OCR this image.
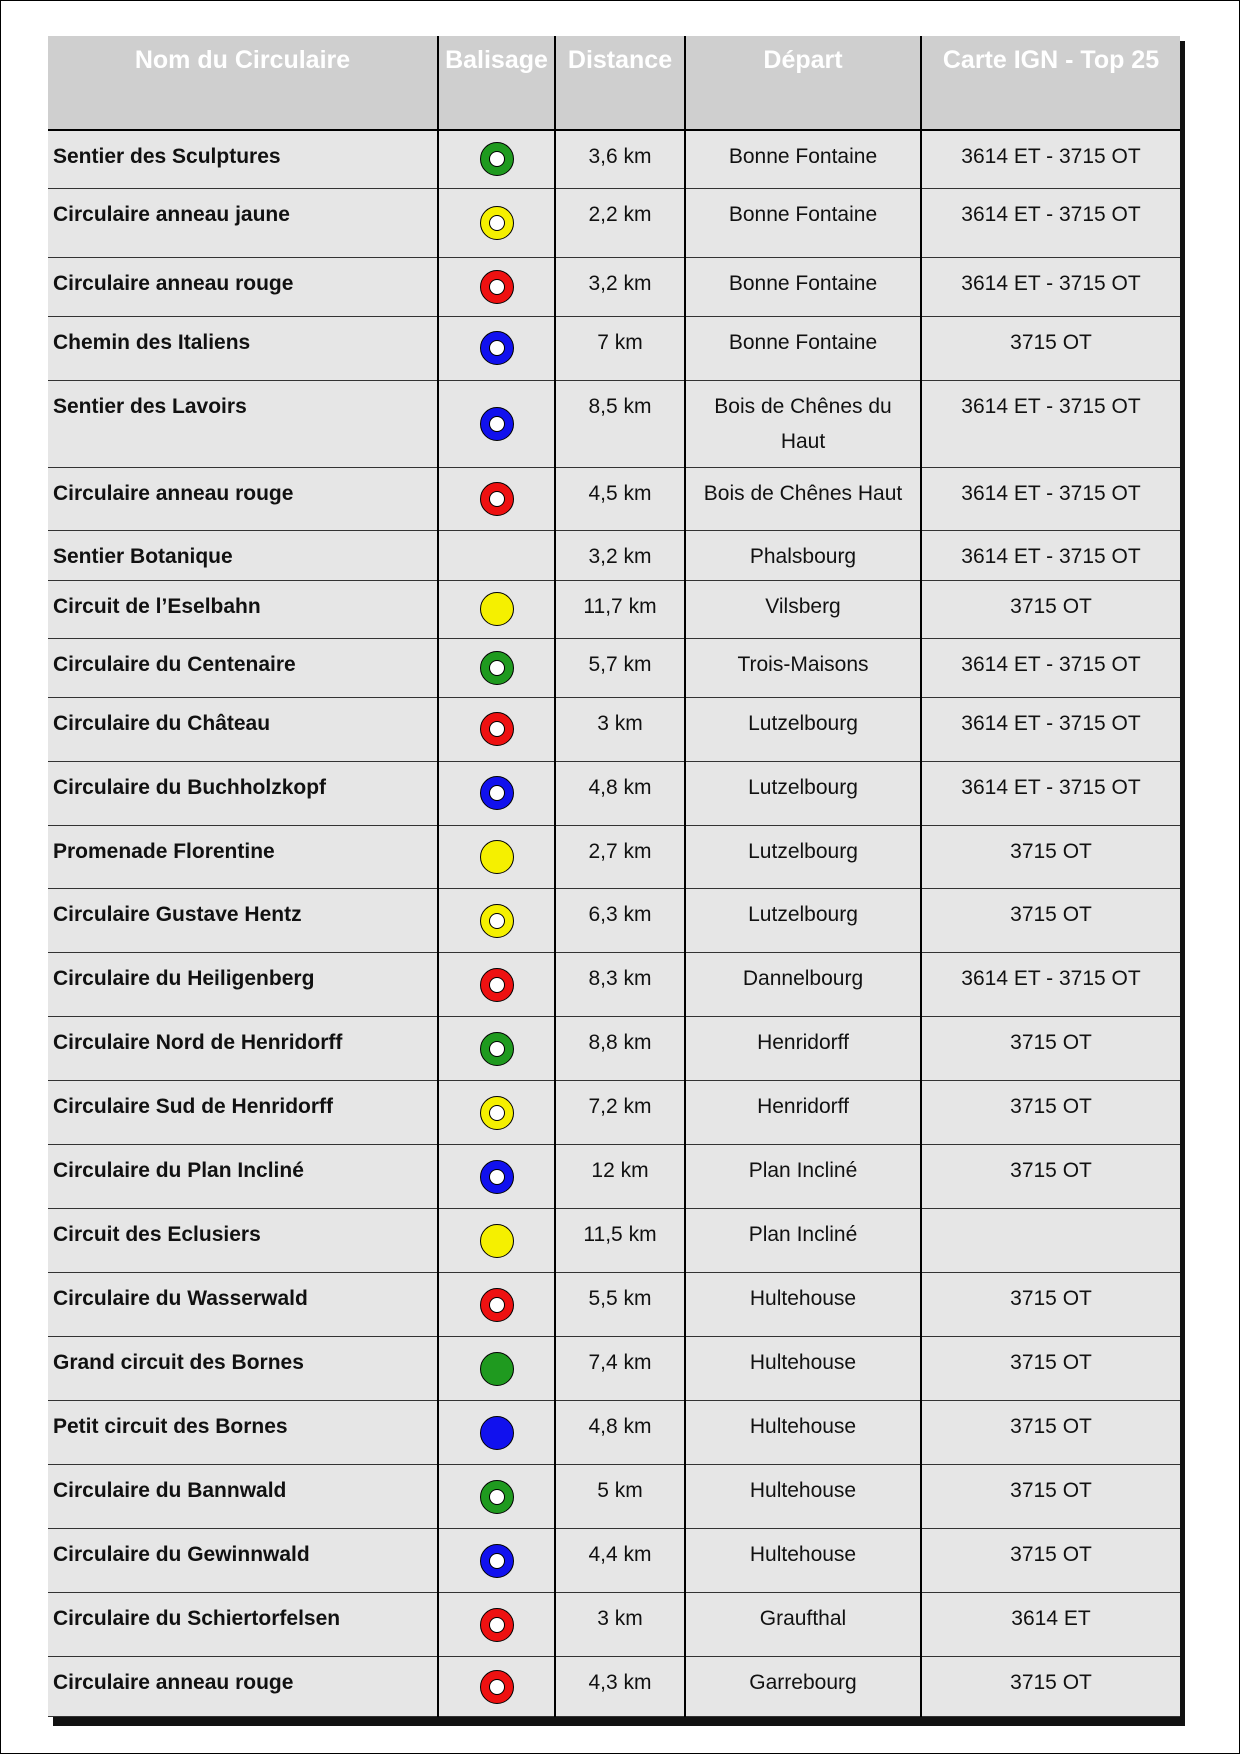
Nom du Circulaire	Balisage	Distance	Départ	Carte IGN - Top 25
Sentier des Sculptures		3,6 km	Bonne Fontaine	3614 ET - 3715 OT
Circulaire anneau jaune		2,2 km	Bonne Fontaine	3614 ET - 3715 OT
Circulaire anneau rouge		3,2 km	Bonne Fontaine	3614 ET - 3715 OT
Chemin des Italiens		7 km	Bonne Fontaine	3715 OT
Sentier des Lavoirs		8,5 km	Bois de Chênes du Haut	3614 ET - 3715 OT
Circulaire anneau rouge		4,5 km	Bois de Chênes Haut	3614 ET - 3715 OT
Sentier Botanique		3,2 km	Phalsbourg	3614 ET - 3715 OT
Circuit de l’Eselbahn		11,7 km	Vilsberg	3715 OT
Circulaire du Centenaire		5,7 km	Trois-Maisons	3614 ET - 3715 OT
Circulaire du Château		3 km	Lutzelbourg	3614 ET - 3715 OT
Circulaire du Buchholzkopf		4,8 km	Lutzelbourg	3614 ET - 3715 OT
Promenade Florentine		2,7 km	Lutzelbourg	3715 OT
Circulaire Gustave Hentz		6,3 km	Lutzelbourg	3715 OT
Circulaire du Heiligenberg		8,3 km	Dannelbourg	3614 ET - 3715 OT
Circulaire Nord de Henridorff		8,8 km	Henridorff	3715 OT
Circulaire Sud de Henridorff		7,2 km	Henridorff	3715 OT
Circulaire du Plan Incliné		12 km	Plan Incliné	3715 OT
Circuit des Eclusiers		11,5 km	Plan Incliné	
Circulaire du Wasserwald		5,5 km	Hultehouse	3715 OT
Grand circuit des Bornes		7,4 km	Hultehouse	3715 OT
Petit circuit des Bornes		4,8 km	Hultehouse	3715 OT
Circulaire du Bannwald		5 km	Hultehouse	3715 OT
Circulaire du Gewinnwald		4,4 km	Hultehouse	3715 OT
Circulaire du Schiertorfelsen		3 km	Graufthal	3614 ET
Circulaire anneau rouge		4,3 km	Garrebourg	3715 OT
